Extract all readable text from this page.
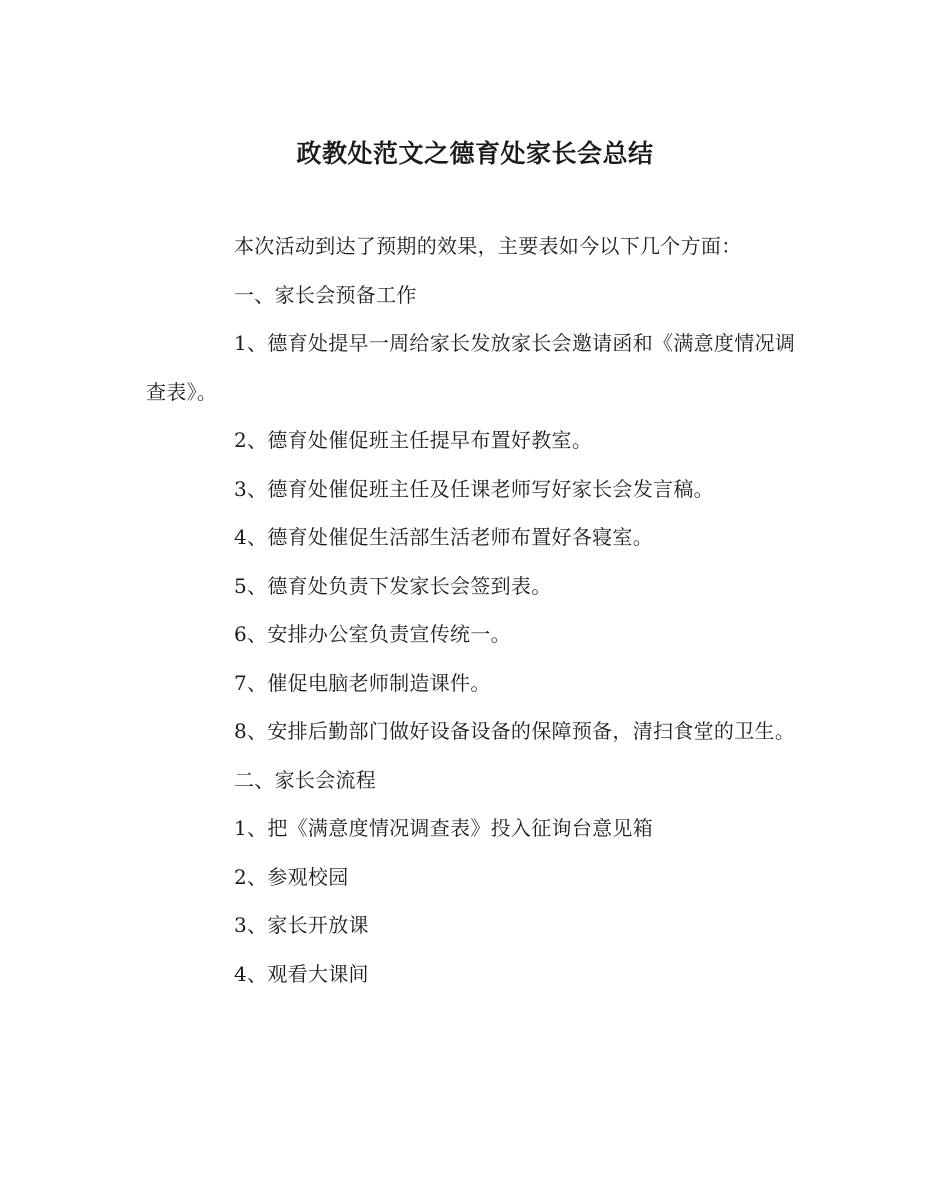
政教处范文之德育处家长会总结

本次活动到达了预期的效果，主要表如今以下几个方面：

一、家长会预备工作

1、德育处提早一周给家长发放家长会邀请函和《满意度情况调查表》。

2、德育处催促班主任提早布置好教室。

3、德育处催促班主任及任课老师写好家长会发言稿。

4、德育处催促生活部生活老师布置好各寝室。

5、德育处负责下发家长会签到表。

6、安排办公室负责宣传统一。

7、催促电脑老师制造课件。

8、安排后勤部门做好设备设备的保障预备，清扫食堂的卫生。

二、家长会流程

1、把《满意度情况调查表》投入征询台意见箱

2、参观校园

3、家长开放课

4、观看大课间
